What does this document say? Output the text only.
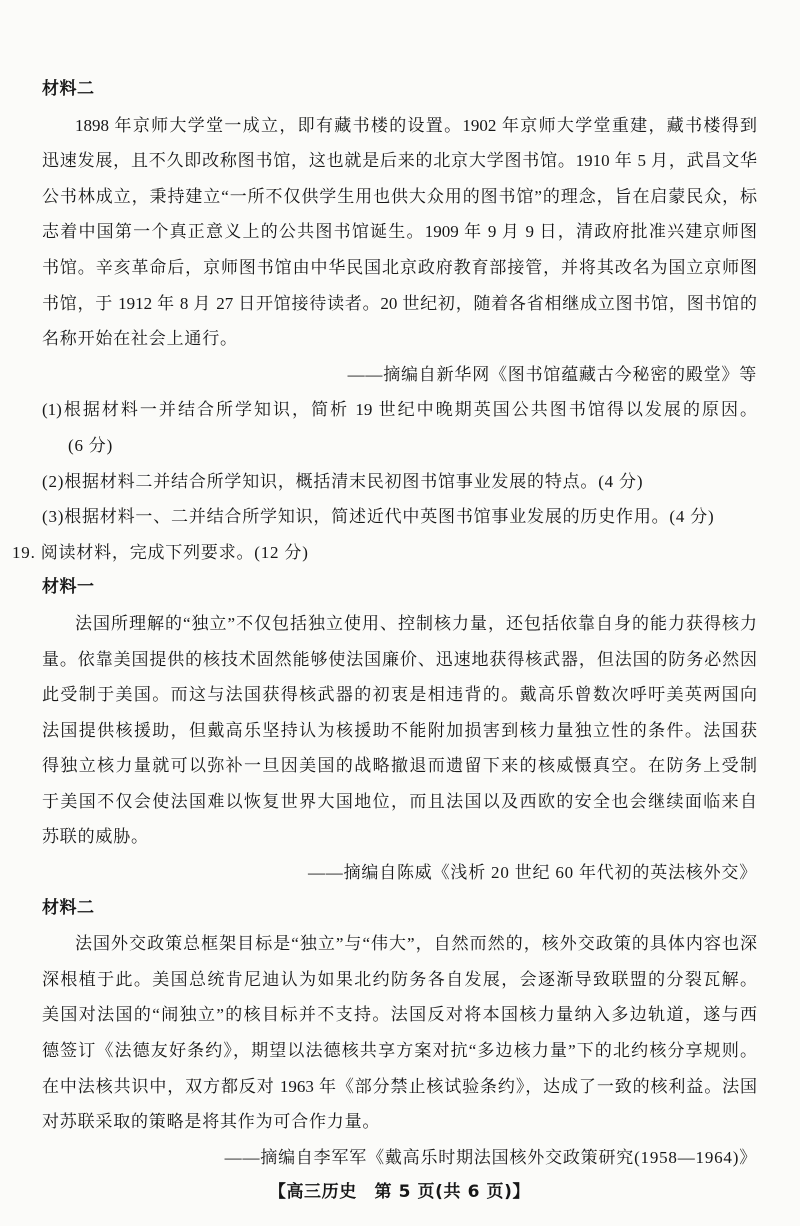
材料二
1898 年京师大学堂一成立，即有藏书楼的设置。1902 年京师大学堂重建，藏书楼得到
迅速发展，且不久即改称图书馆，这也就是后来的北京大学图书馆。1910 年 5 月，武昌文华
公书林成立，秉持建立“一所不仅供学生用也供大众用的图书馆”的理念，旨在启蒙民众，标
志着中国第一个真正意义上的公共图书馆诞生。1909 年 9 月 9 日，清政府批准兴建京师图
书馆。辛亥革命后，京师图书馆由中华民国北京政府教育部接管，并将其改名为国立京师图
书馆，于 1912 年 8 月 27 日开馆接待读者。20 世纪初，随着各省相继成立图书馆，图书馆的
名称开始在社会上通行。
——摘编自新华网《图书馆蕴藏古今秘密的殿堂》等
(1)根据材料一并结合所学知识，简析 19 世纪中晚期英国公共图书馆得以发展的原因。
(6 分)
(2)根据材料二并结合所学知识，概括清末民初图书馆事业发展的特点。(4 分)
(3)根据材料一、二并结合所学知识，简述近代中英图书馆事业发展的历史作用。(4 分)
19. 阅读材料，完成下列要求。(12 分)
材料一
法国所理解的“独立”不仅包括独立使用、控制核力量，还包括依靠自身的能力获得核力
量。依靠美国提供的核技术固然能够使法国廉价、迅速地获得核武器，但法国的防务必然因
此受制于美国。而这与法国获得核武器的初衷是相违背的。戴高乐曾数次呼吁美英两国向
法国提供核援助，但戴高乐坚持认为核援助不能附加损害到核力量独立性的条件。法国获
得独立核力量就可以弥补一旦因美国的战略撤退而遗留下来的核威慑真空。在防务上受制
于美国不仅会使法国难以恢复世界大国地位，而且法国以及西欧的安全也会继续面临来自
苏联的威胁。
——摘编自陈威《浅析 20 世纪 60 年代初的英法核外交》
材料二
法国外交政策总框架目标是“独立”与“伟大”，自然而然的，核外交政策的具体内容也深
深根植于此。美国总统肯尼迪认为如果北约防务各自发展，会逐渐导致联盟的分裂瓦解。
美国对法国的“闹独立”的核目标并不支持。法国反对将本国核力量纳入多边轨道，遂与西
德签订《法德友好条约》，期望以法德核共享方案对抗“多边核力量”下的北约核分享规则。
在中法核共识中，双方都反对 1963 年《部分禁止核试验条约》，达成了一致的核利益。法国
对苏联采取的策略是将其作为可合作力量。
——摘编自李军军《戴高乐时期法国核外交政策研究(1958—1964)》
【高三历史　第 5 页(共 6 页)】
